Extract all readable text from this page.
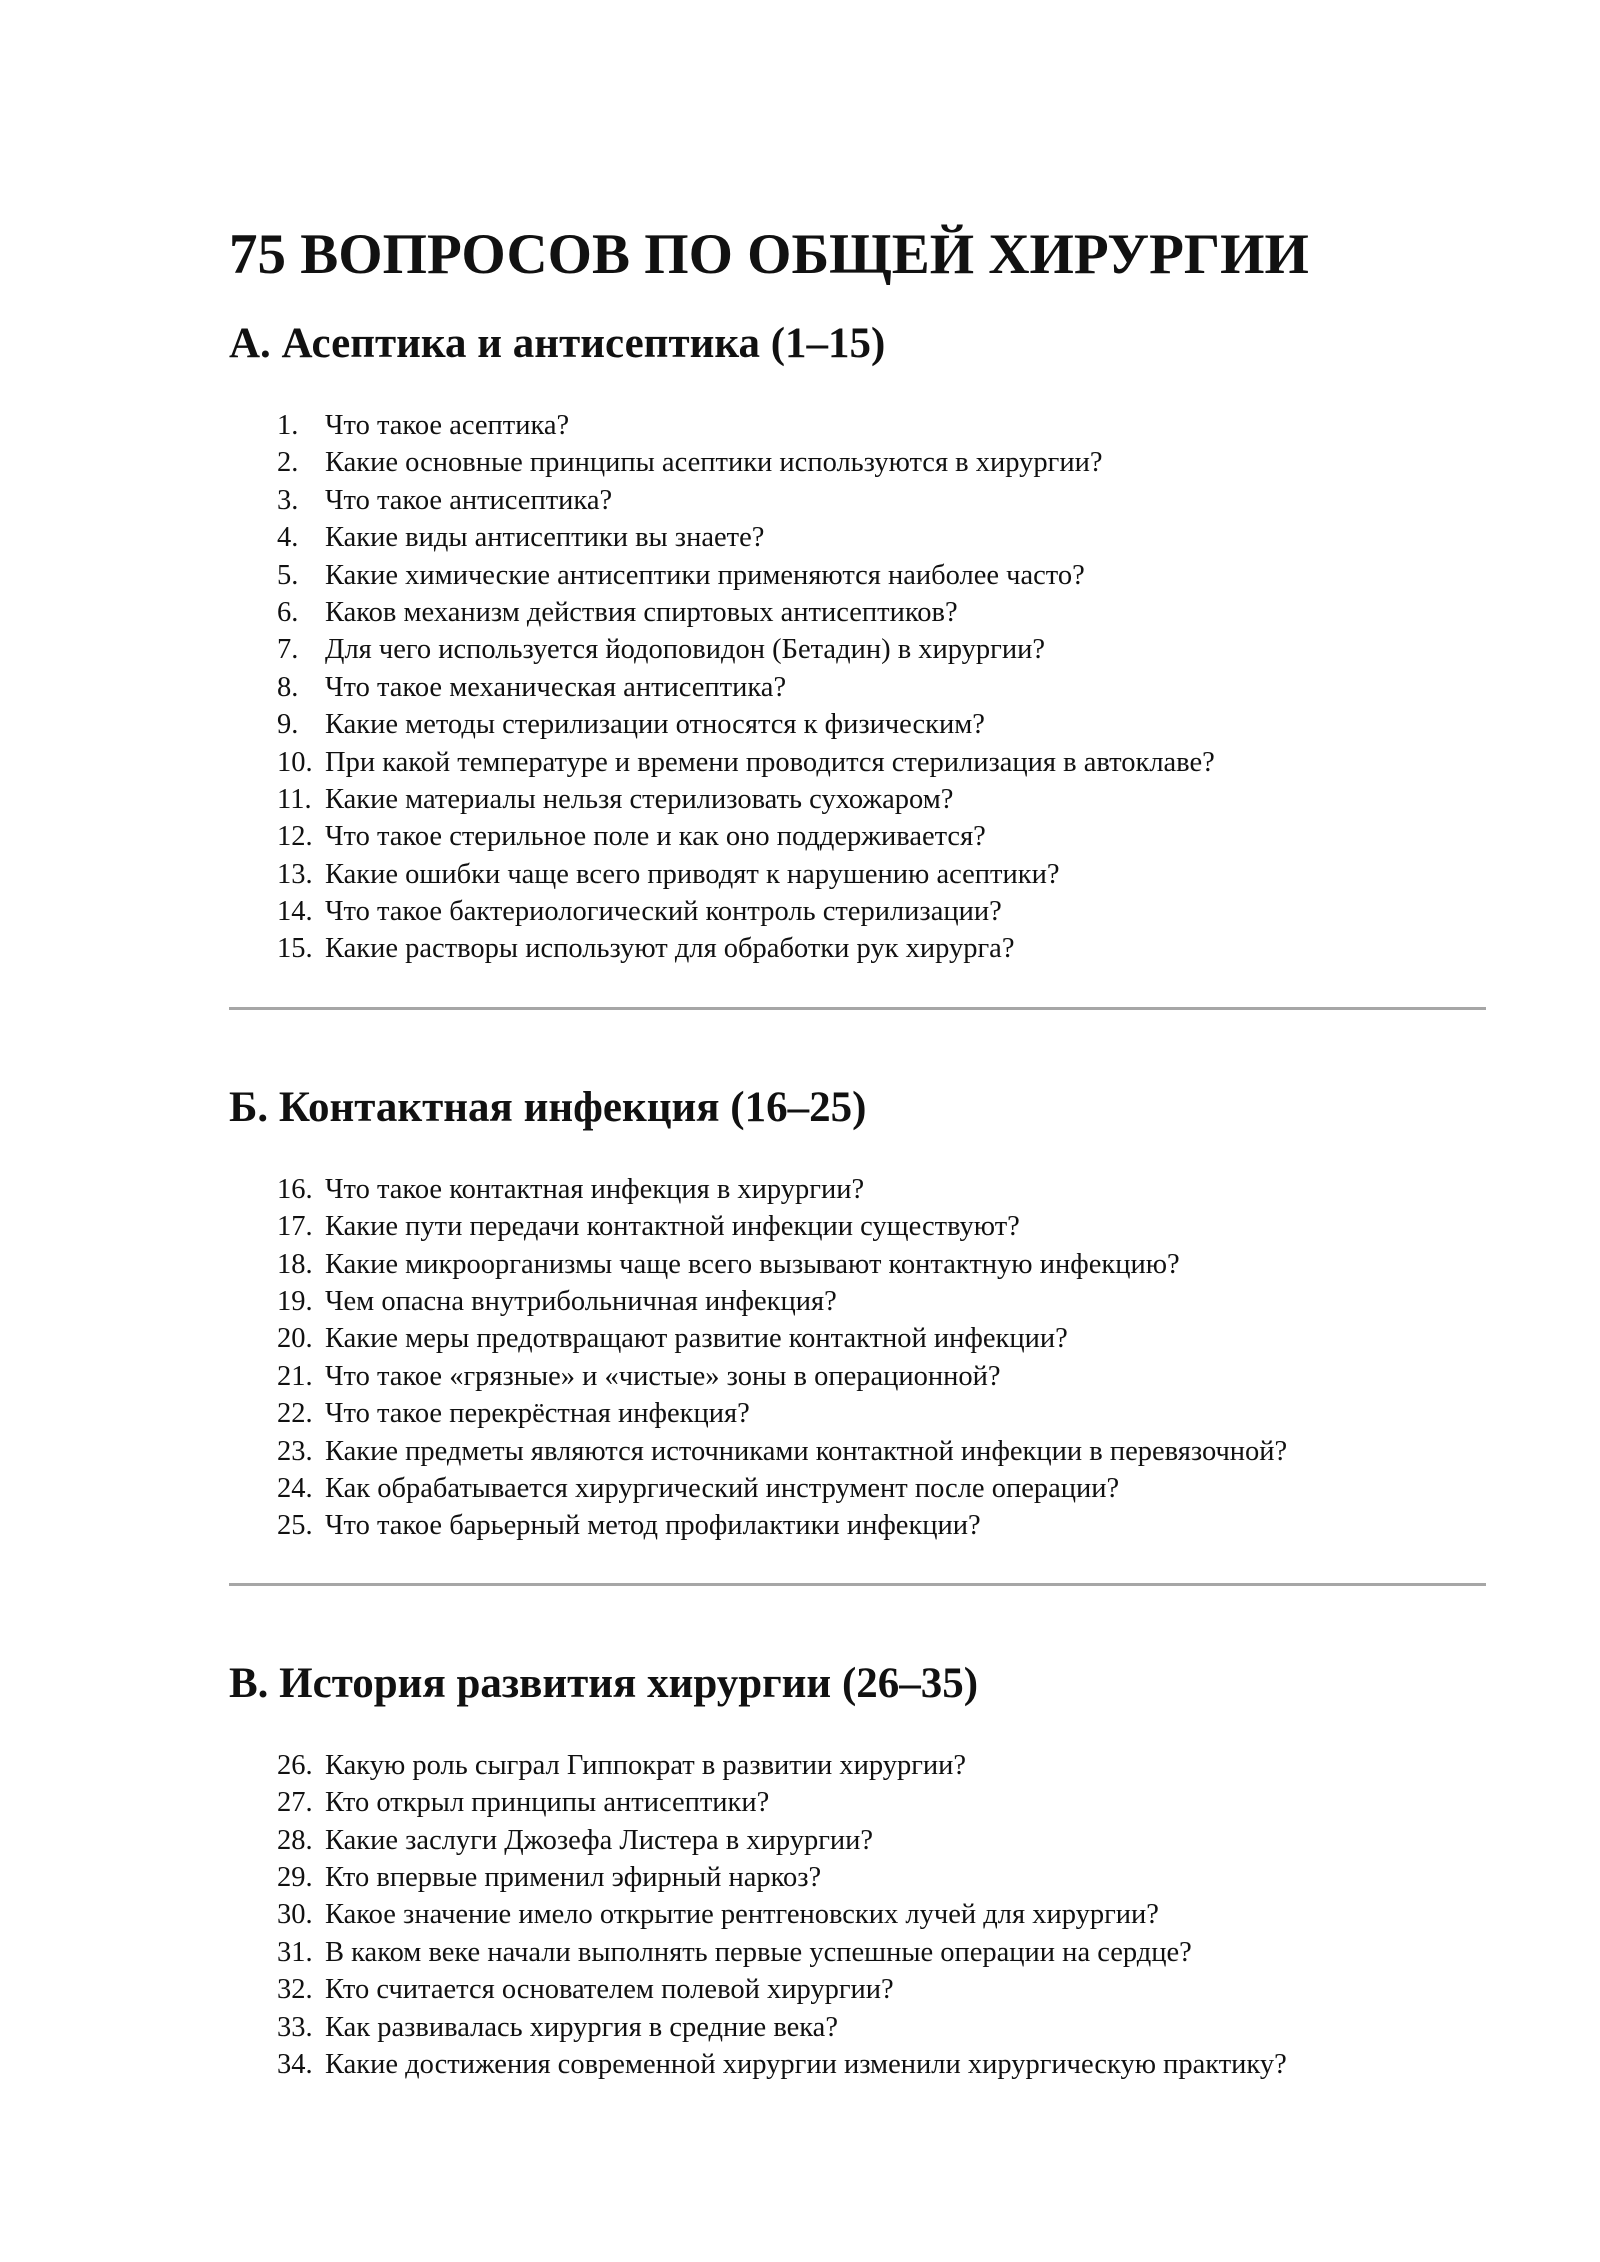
75 ВОПРОСОВ ПО ОБЩЕЙ ХИРУРГИИ
А. Асептика и антисептика (1–15)
1. Что такое асептика?
2. Какие основные принципы асептики используются в хирургии?
3. Что такое антисептика?
4. Какие виды антисептики вы знаете?
5. Какие химические антисептики применяются наиболее часто?
6. Каков механизм действия спиртовых антисептиков?
7. Для чего используется йодоповидон (Бетадин) в хирургии?
8. Что такое механическая антисептика?
9. Какие методы стерилизации относятся к физическим?
10. При какой температуре и времени проводится стерилизация в автоклаве?
11. Какие материалы нельзя стерилизовать сухожаром?
12. Что такое стерильное поле и как оно поддерживается?
13. Какие ошибки чаще всего приводят к нарушению асептики?
14. Что такое бактериологический контроль стерилизации?
15. Какие растворы используют для обработки рук хирурга?
Б. Контактная инфекция (16–25)
16. Что такое контактная инфекция в хирургии?
17. Какие пути передачи контактной инфекции существуют?
18. Какие микроорганизмы чаще всего вызывают контактную инфекцию?
19. Чем опасна внутрибольничная инфекция?
20. Какие меры предотвращают развитие контактной инфекции?
21. Что такое «грязные» и «чистые» зоны в операционной?
22. Что такое перекрёстная инфекция?
23. Какие предметы являются источниками контактной инфекции в перевязочной?
24. Как обрабатывается хирургический инструмент после операции?
25. Что такое барьерный метод профилактики инфекции?
В. История развития хирургии (26–35)
26. Какую роль сыграл Гиппократ в развитии хирургии?
27. Кто открыл принципы антисептики?
28. Какие заслуги Джозефа Листера в хирургии?
29. Кто впервые применил эфирный наркоз?
30. Какое значение имело открытие рентгеновских лучей для хирургии?
31. В каком веке начали выполнять первые успешные операции на сердце?
32. Кто считается основателем полевой хирургии?
33. Как развивалась хирургия в средние века?
34. Какие достижения современной хирургии изменили хирургическую практику?
